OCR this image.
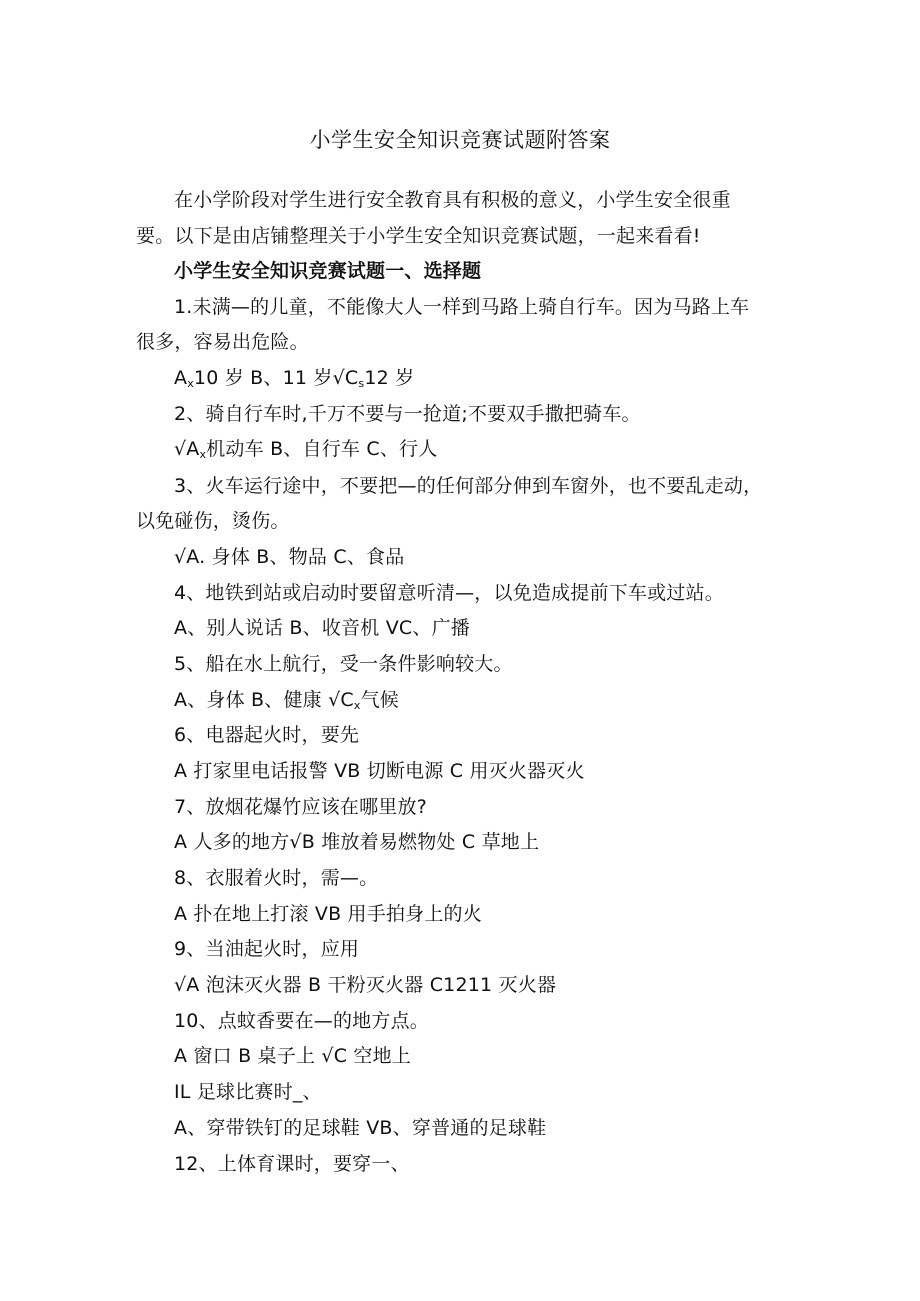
小学生安全知识竞赛试题附答案
在小学阶段对学生进行安全教育具有积极的意义，小学生安全很重
要。以下是由店铺整理关于小学生安全知识竞赛试题，一起来看看!
小学生安全知识竞赛试题一、选择题
1.未满—的儿童，不能像大人一样到马路上骑自行车。因为马路上车
很多，容易出危险。
$A_x10$ 岁 B、11 岁$√C_s12$ 岁
2、骑自行车时,千万不要与一抢道;不要双手撒把骑车。
$√A_x$机动车 B、自行车 C、行人
3、火车运行途中，不要把—的任何部分伸到车窗外，也不要乱走动，
以免碰伤，烫伤。
√A. 身体 B、物品 C、食品
4、地铁到站或启动时要留意听清—，以免造成提前下车或过站。
A、别人说话 B、收音机 VC、广播
5、船在水上航行，受一条件影响较大。
A、身体 B、健康 $√C_x$气候
6、电器起火时，要先
A 打家里电话报警 VB 切断电源 C 用灭火器灭火
7、放烟花爆竹应该在哪里放?
A 人多的地方√B 堆放着易燃物处 C 草地上
8、衣服着火时，需—。
A 扑在地上打滚 VB 用手拍身上的火
9、当油起火时，应用
√A 泡沫灭火器 B 干粉灭火器 C1211 灭火器
10、点蚊香要在—的地方点。
A 窗口 B 桌子上 √C 空地上
IL 足球比赛时_、
A、穿带铁钉的足球鞋 VB、穿普通的足球鞋
12、上体育课时，要穿一、
